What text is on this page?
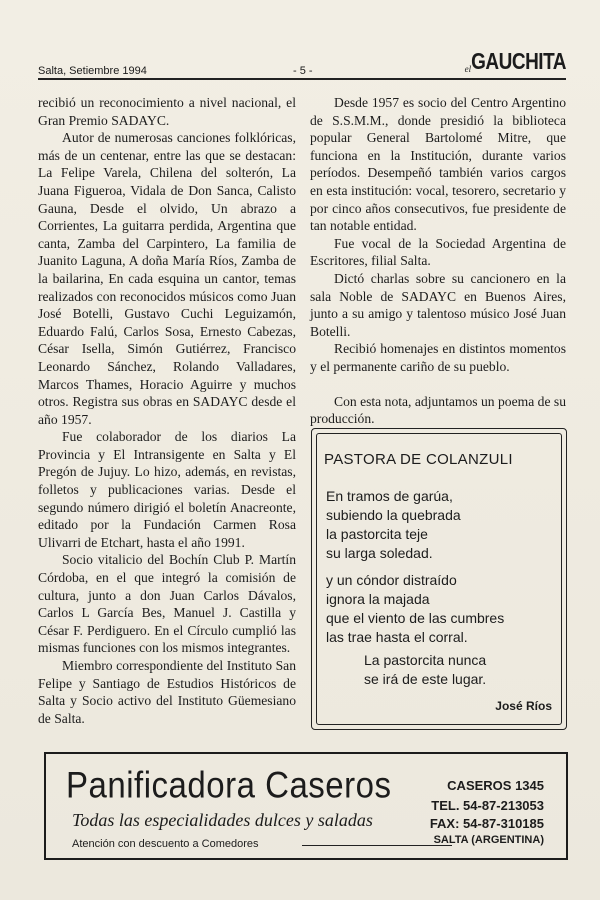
Salta, Setiembre 1994	- 5 -	elGAUCHITA

recibió un reconocimiento a nivel nacional, el Gran Premio SADAYC.

Autor de numerosas canciones folklóricas, más de un centenar, entre las que se destacan: La Felipe Varela, Chilena del solterón, La Juana Figueroa, Vidala de Don Sanca, Calisto Gauna, Desde el olvido, Un abrazo a Corrientes, La guitarra perdida, Argentina que canta, Zamba del Carpintero, La familia de Juanito Laguna, A doña María Ríos, Zamba de la bailarina, En cada esquina un cantor, temas realizados con reconocidos músicos como Juan José Botelli, Gustavo Cuchi Leguizamón, Eduardo Falú, Carlos Sosa, Ernesto Cabezas, César Isella, Simón Gutiérrez, Francisco Leonardo Sánchez, Rolando Valladares, Marcos Thames, Horacio Aguirre y muchos otros. Registra sus obras en SADAYC desde el año 1957.

Fue colaborador de los diarios La Provincia y El Intransigente en Salta y El Pregón de Jujuy. Lo hizo, además, en revistas, folletos y publicaciones varias. Desde el segundo número dirigió el boletín Anacreonte, editado por la Fundación Carmen Rosa Ulivarri de Etchart, hasta el año 1991.

Socio vitalicio del Bochín Club P. Martín Córdoba, en el que integró la comisión de cultura, junto a don Juan Carlos Dávalos, Carlos L García Bes, Manuel J. Castilla y César F. Perdiguero. En el Círculo cumplió las mismas funciones con los mismos integrantes.

Miembro correspondiente del Instituto San Felipe y Santiago de Estudios Históricos de Salta y Socio activo del Instituto Güemesiano de Salta.

Desde 1957 es socio del Centro Argentino de S.S.M.M., donde presidió la biblioteca popular General Bartolomé Mitre, que funciona en la Institución, durante varios períodos. Desempeñó también varios cargos en esta institución: vocal, tesorero, secretario y por cinco años consecutivos, fue presidente de tan notable entidad.

Fue vocal de la Sociedad Argentina de Escritores, filial Salta.

Dictó charlas sobre su cancionero en la sala Noble de SADAYC en Buenos Aires, junto a su amigo y talentoso músico José Juan Botelli.

Recibió homenajes en distintos momentos y el permanente cariño de su pueblo.

Con esta nota, adjuntamos un poema de su producción.

PASTORA DE COLANZULI
En tramos de garúa,
subiendo la quebrada
la pastorcita teje
su larga soledad.
y un cóndor distraído
ignora la majada
que el viento de las cumbres
las trae hasta el corral.
La pastorcita nunca
se irá de este lugar.
José Ríos
Panificadora Caseros
Todas las especialidades dulces y saladas
Atención con descuento a Comedores
CASEROS 1345
TEL. 54-87-213053
FAX: 54-87-310185
SALTA (ARGENTINA)
